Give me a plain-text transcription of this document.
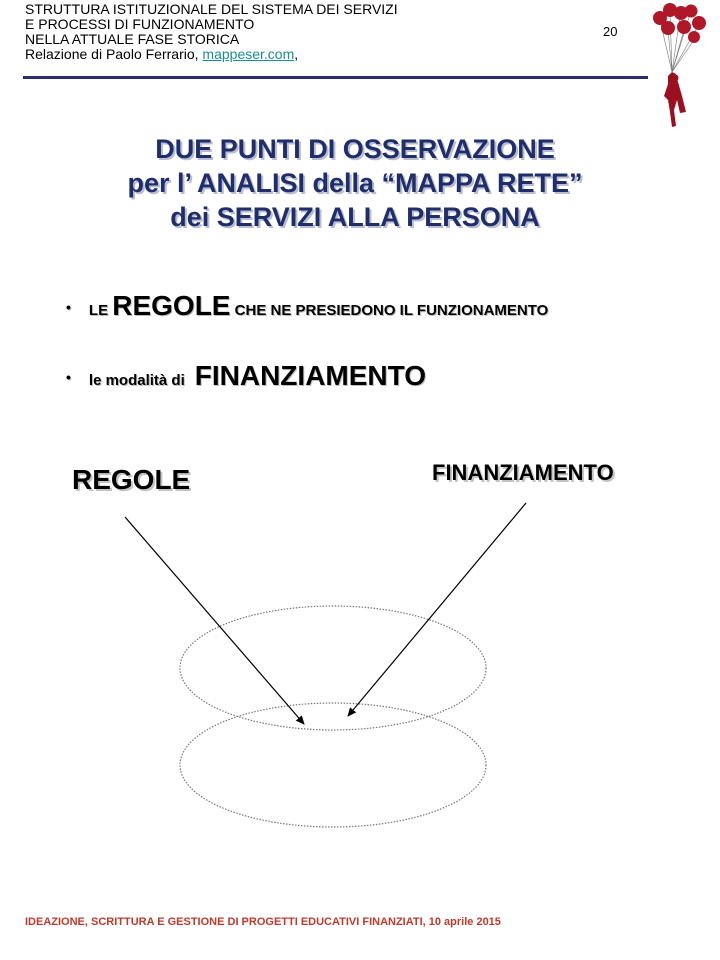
STRUTTURA ISTITUZIONALE DEL SISTEMA DEI SERVIZI
E PROCESSI DI FUNZIONAMENTO
NELLA ATTUALE FASE STORICA
Relazione di Paolo Ferrario, mappeser.com,
20
DUE PUNTI DI OSSERVAZIONE
per l’ ANALISI della “MAPPA RETE”
dei SERVIZI ALLA PERSONA
• LE REGOLE CHE NE PRESIEDONO IL FUNZIONAMENTO
• le modalità di FINANZIAMENTO
REGOLE	FINANZIAMENTO
IDEAZIONE, SCRITTURA E GESTIONE DI PROGETTI EDUCATIVI FINANZIATI, 10 aprile 2015
